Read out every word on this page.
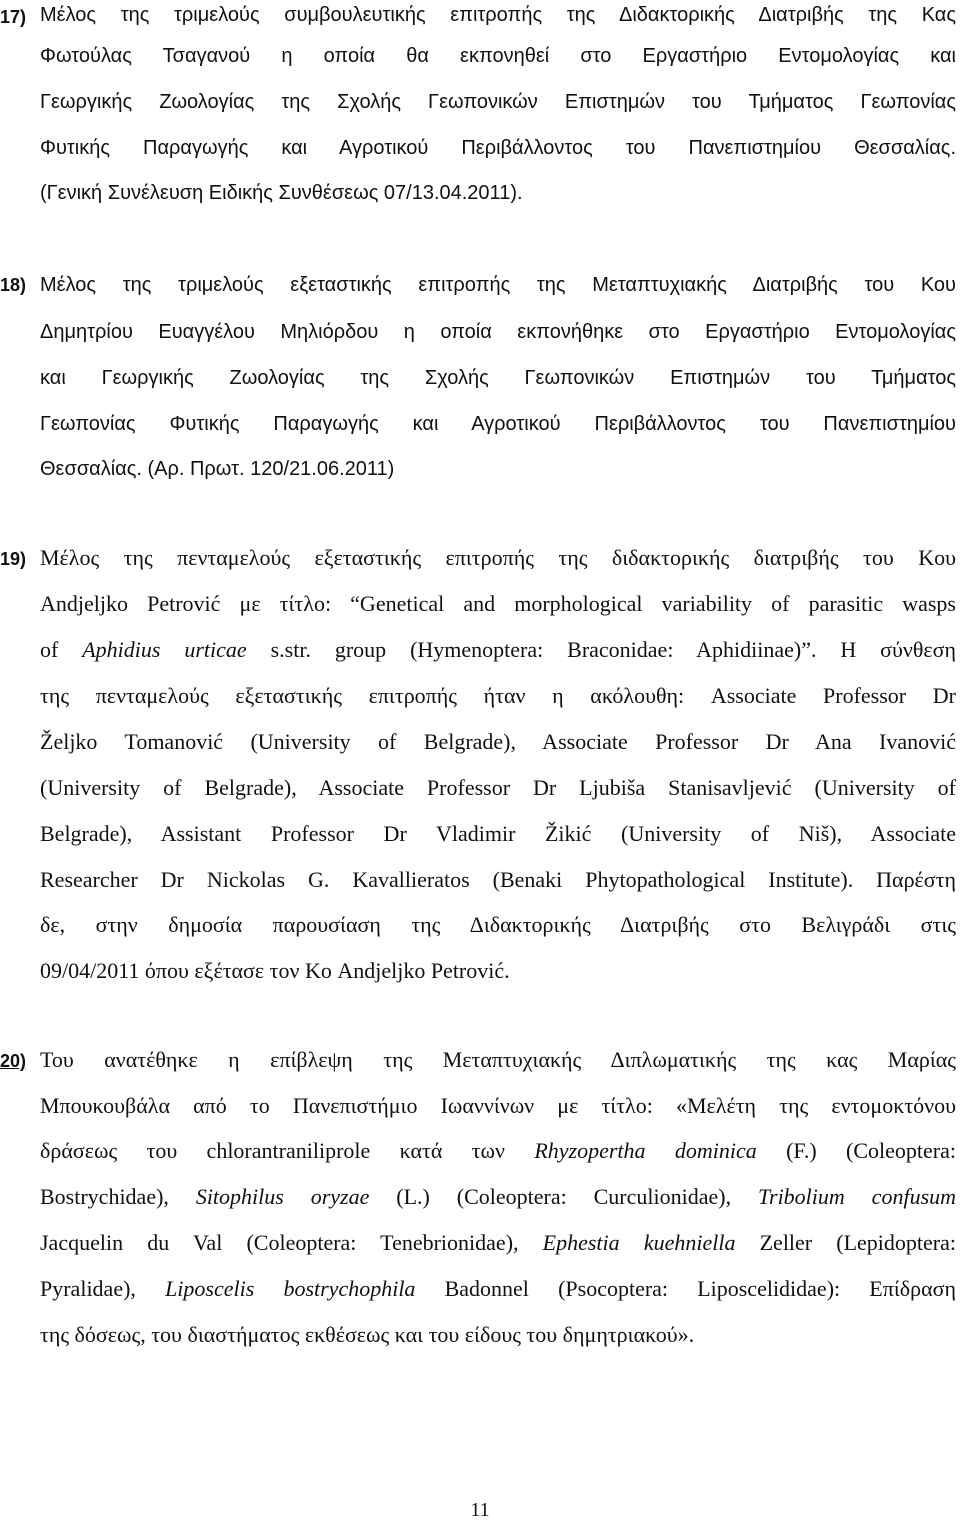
17) Μέλος της τριμελούς συμβουλευτικής επιτροπής της Διδακτορικής Διατριβής της Κας
Φωτούλας Τσαγανού η οποία θα εκπονηθεί στο Εργαστήριο Εντομολογίας και
Γεωργικής Ζωολογίας της Σχολής Γεωπονικών Επιστημών του Τμήματος Γεωπονίας
Φυτικής Παραγωγής και Αγροτικού Περιβάλλοντος του Πανεπιστημίου Θεσσαλίας.
(Γενική Συνέλευση Ειδικής Συνθέσεως 07/13.04.2011).
18) Μέλος της τριμελούς εξεταστικής επιτροπής της Μεταπτυχιακής Διατριβής του Κου
Δημητρίου Ευαγγέλου Μηλιόρδου η οποία εκπονήθηκε στο Εργαστήριο Εντομολογίας
και Γεωργικής Ζωολογίας της Σχολής Γεωπονικών Επιστημών του Τμήματος
Γεωπονίας Φυτικής Παραγωγής και Αγροτικού Περιβάλλοντος του Πανεπιστημίου
Θεσσαλίας. (Αρ. Πρωτ. 120/21.06.2011)
19) Μέλος της πενταμελούς εξεταστικής επιτροπής της διδακτορικής διατριβής του Κου
Andjeljko Petrović με τίτλο: “Genetical and morphological variability of parasitic wasps
of Aphidius urticae s.str. group (Hymenoptera: Braconidae: Aphidiinae)”. Η σύνθεση
της πενταμελούς εξεταστικής επιτροπής ήταν η ακόλουθη: Associate Professor Dr
Željko Tomanović (University of Belgrade), Associate Professor Dr Ana Ivanović
(University of Belgrade), Associate Professor Dr Ljubiša Stanisavljević (University of
Belgrade), Assistant Professor Dr Vladimir Žikić (University of Niš), Associate
Researcher Dr Nickolas G. Kavallieratos (Benaki Phytopathological Institute). Παρέστη
δε, στην δημοσία παρουσίαση της Διδακτορικής Διατριβής στο Βελιγράδι στις
09/04/2011 όπου εξέτασε τον Κο Andjeljko Petrović.
20) Του ανατέθηκε η επίβλεψη της Μεταπτυχιακής Διπλωματικής της κας Μαρίας
Μπουκουβάλα από το Πανεπιστήμιο Ιωαννίνων με τίτλο: «Μελέτη της εντομοκτόνου
δράσεως του chlorantraniliprole κατά των Rhyzopertha dominica (F.) (Coleoptera:
Bostrychidae), Sitophilus oryzae (L.) (Coleoptera: Curculionidae), Tribolium confusum
Jacquelin du Val (Coleoptera: Tenebrionidae), Ephestia kuehniella Zeller (Lepidoptera:
Pyralidae), Liposcelis bostrychophila Badonnel (Psocoptera: Liposcelididae): Επίδραση
της δόσεως, του διαστήματος εκθέσεως και του είδους του δημητριακού».
11
